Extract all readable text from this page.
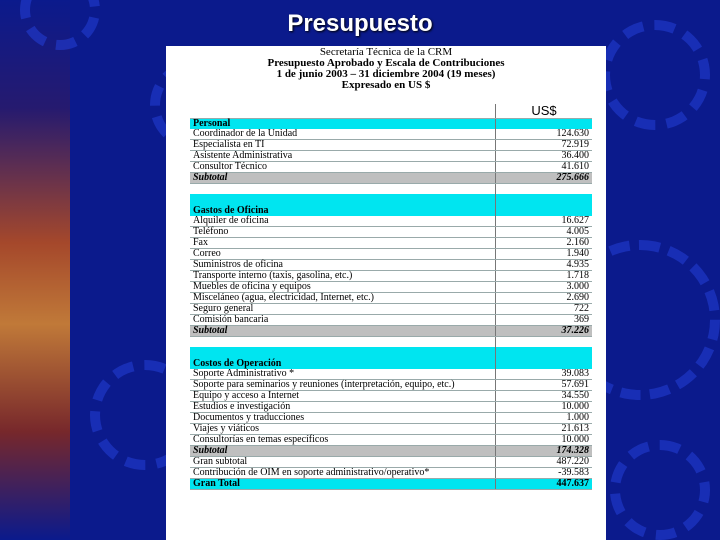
Presupuesto
Secretaría Técnica de la CRM
Presupuesto Aprobado y Escala de Contribuciones
1 de junio 2003 – 31 diciembre 2004 (19 meses)
Expresado en US $
	US$
Personal	
Coordinador de la Unidad	124.630
Especialista en TI	72.919
Asistente Administrativa	36.400
Consultor Técnico	41.610
Subtotal	275.666

Gastos de Oficina	
Alquiler de oficina	16.627
Teléfono	4.005
Fax	2.160
Correo	1.940
Suministros de oficina	4.935
Transporte interno (taxis, gasolina, etc.)	1.718
Muebles de oficina y equipos	3.000
Misceláneo (agua, electricidad, Internet, etc.)	2.690
Seguro general	722
Comisión bancaria	369
Subtotal	37.226

Costos de Operación	
Soporte Administrativo *	39.083
Soporte para seminarios y reuniones (interpretación, equipo, etc.)	57.691
Equipo y acceso a Internet	34.550
Estudios e investigación	10.000
Documentos y traducciones	1.000
Viajes y viáticos	21.613
Consultorías en temas específicos	10.000
Subtotal	174.328
Gran subtotal	487.220
Contribución de OIM en soporte administrativo/operativo*	-39.583
Gran Total	447.637
